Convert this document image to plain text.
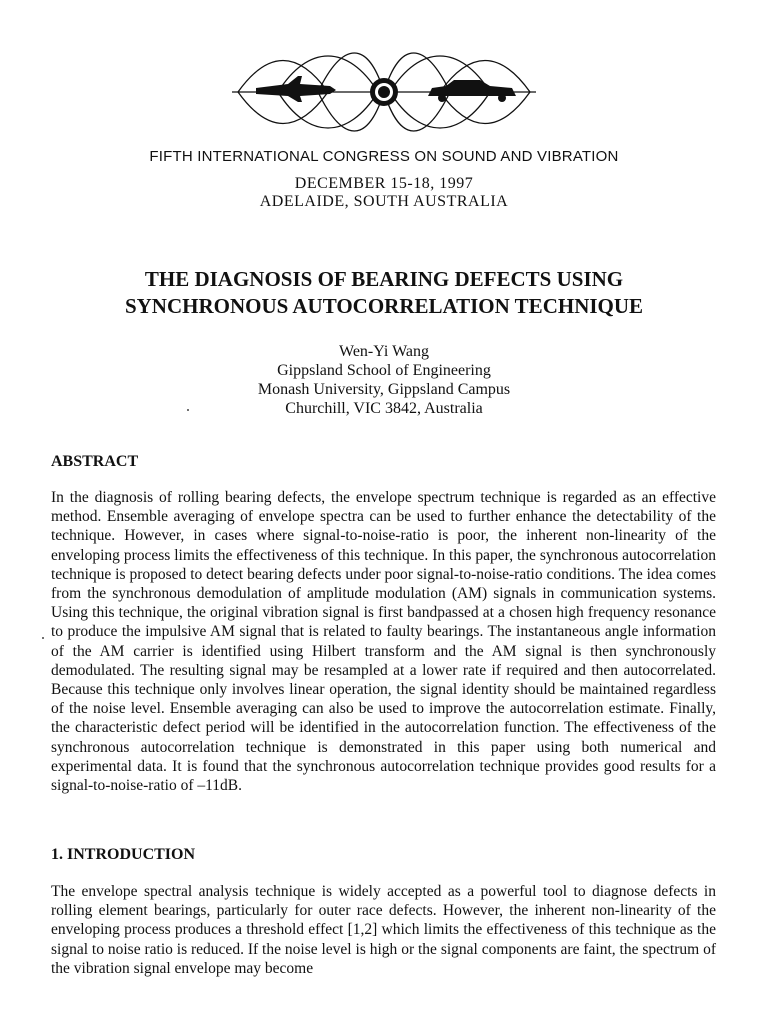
FIFTH INTERNATIONAL CONGRESS ON SOUND AND VIBRATION
DECEMBER 15-18, 1997
ADELAIDE, SOUTH AUSTRALIA
THE DIAGNOSIS OF BEARING DEFECTS USING
SYNCHRONOUS AUTOCORRELATION TECHNIQUE
Wen-Yi Wang
Gippsland School of Engineering
Monash University, Gippsland Campus
Churchill, VIC 3842, Australia
ABSTRACT

In the diagnosis of rolling bearing defects, the envelope spectrum technique is regarded as an effective method. Ensemble averaging of envelope spectra can be used to further enhance the detectability of the technique. However, in cases where signal-to-noise-ratio is poor, the inherent non-linearity of the enveloping process limits the effectiveness of this technique. In this paper, the synchronous autocorrelation technique is proposed to detect bearing defects under poor signal-to-noise-ratio conditions. The idea comes from the synchronous demodulation of amplitude modulation (AM) signals in communication systems. Using this technique, the original vibration signal is first bandpassed at a chosen high frequency resonance to produce the impulsive AM signal that is related to faulty bearings. The instantaneous angle information of the AM carrier is identified using Hilbert transform and the AM signal is then synchronously demodulated. The resulting signal may be resampled at a lower rate if required and then autocorrelated. Because this technique only involves linear operation, the signal identity should be maintained regardless of the noise level. Ensemble averaging can also be used to improve the autocorrelation estimate. Finally, the characteristic defect period will be identified in the autocorrelation function. The effectiveness of the synchronous autocorrelation technique is demonstrated in this paper using both numerical and experimental data. It is found that the synchronous autocorrelation technique provides good results for a signal-to-noise-ratio of –11dB.

1. INTRODUCTION

The envelope spectral analysis technique is widely accepted as a powerful tool to diagnose defects in rolling element bearings, particularly for outer race defects. However, the inherent non-linearity of the enveloping process produces a threshold effect [1,2] which limits the effectiveness of this technique as the signal to noise ratio is reduced. If the noise level is high or the signal components are faint, the spectrum of the vibration signal envelope may become
